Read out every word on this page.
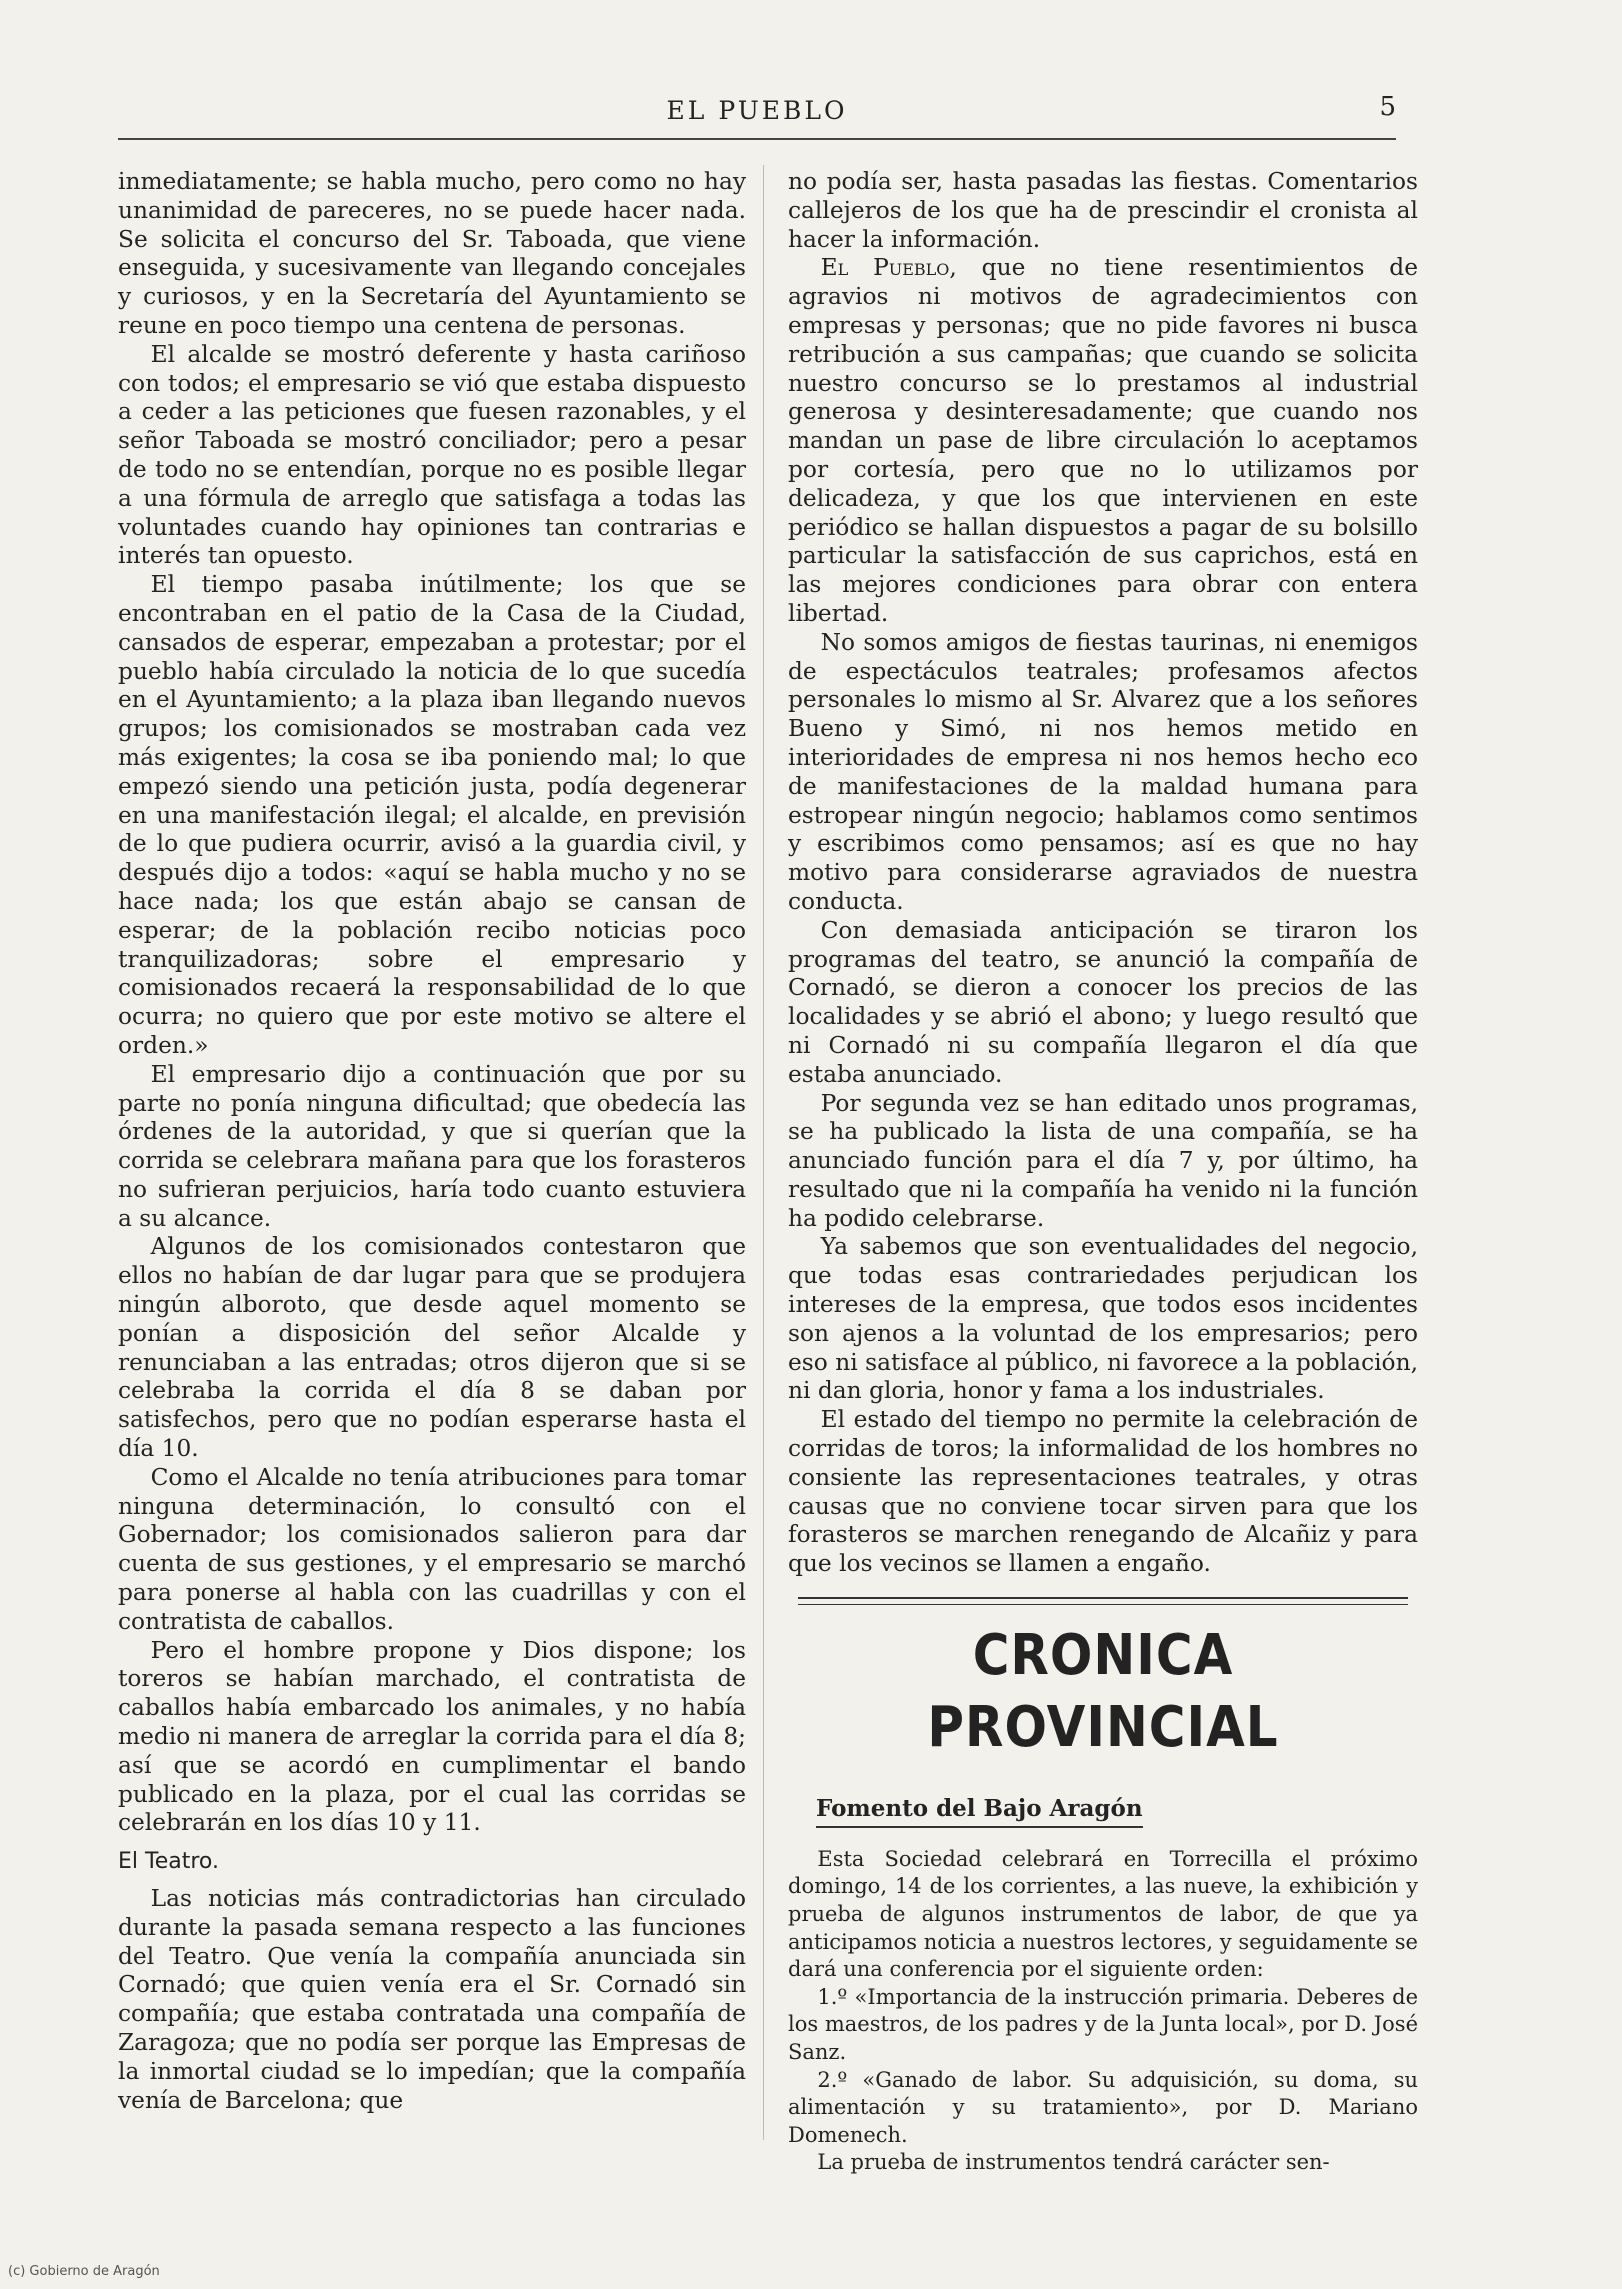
EL PUEBLO	5

inmediatamente; se habla mucho, pero como no hay unanimidad de pareceres, no se puede hacer nada. Se solicita el concurso del Sr. Taboada, que viene enseguida, y sucesivamente van llegando concejales y curiosos, y en la Secretaría del Ayuntamiento se reune en poco tiempo una centena de personas.

El alcalde se mostró deferente y hasta cariñoso con todos; el empresario se vió que estaba dispuesto a ceder a las peticiones que fuesen razonables, y el señor Taboada se mostró conciliador; pero a pesar de todo no se entendían, porque no es posible llegar a una fórmula de arreglo que satisfaga a todas las voluntades cuando hay opiniones tan contrarias e interés tan opuesto.

El tiempo pasaba inútilmente; los que se encontraban en el patio de la Casa de la Ciudad, cansados de esperar, empezaban a protestar; por el pueblo había circulado la noticia de lo que sucedía en el Ayuntamiento; a la plaza iban llegando nuevos grupos; los comisionados se mostraban cada vez más exigentes; la cosa se iba poniendo mal; lo que empezó siendo una petición justa, podía degenerar en una manifestación ilegal; el alcalde, en previsión de lo que pudiera ocurrir, avisó a la guardia civil, y después dijo a todos: «aquí se habla mucho y no se hace nada; los que están abajo se cansan de esperar; de la población recibo noticias poco tranquilizadoras; sobre el empresario y comisionados recaerá la responsabilidad de lo que ocurra; no quiero que por este motivo se altere el orden.»

El empresario dijo a continuación que por su parte no ponía ninguna dificultad; que obedecía las órdenes de la autoridad, y que si querían que la corrida se celebrara mañana para que los forasteros no sufrieran perjuicios, haría todo cuanto estuviera a su alcance.

Algunos de los comisionados contestaron que ellos no habían de dar lugar para que se produjera ningún alboroto, que desde aquel momento se ponían a disposición del señor Alcalde y renunciaban a las entradas; otros dijeron que si se celebraba la corrida el día 8 se daban por satisfechos, pero que no podían esperarse hasta el día 10.

Como el Alcalde no tenía atribuciones para tomar ninguna determinación, lo consultó con el Gobernador; los comisionados salieron para dar cuenta de sus gestiones, y el empresario se marchó para ponerse al habla con las cuadrillas y con el contratista de caballos.

Pero el hombre propone y Dios dispone; los toreros se habían marchado, el contratista de caballos había embarcado los animales, y no había medio ni manera de arreglar la corrida para el día 8; así que se acordó en cumplimentar el bando publicado en la plaza, por el cual las corridas se celebrarán en los días 10 y 11.

El Teatro.

Las noticias más contradictorias han circulado durante la pasada semana respecto a las funciones del Teatro. Que venía la compañía anunciada sin Cornadó; que quien venía era el Sr. Cornadó sin compañía; que estaba contratada una compañía de Zaragoza; que no podía ser porque las Empresas de la inmortal ciudad se lo impedían; que la compañía venía de Barcelona; que

no podía ser, hasta pasadas las fiestas. Comentarios callejeros de los que ha de prescindir el cronista al hacer la información.

El Pueblo, que no tiene resentimientos de agravios ni motivos de agradecimientos con empresas y personas; que no pide favores ni busca retribución a sus campañas; que cuando se solicita nuestro concurso se lo prestamos al industrial generosa y desinteresadamente; que cuando nos mandan un pase de libre circulación lo aceptamos por cortesía, pero que no lo utilizamos por delicadeza, y que los que intervienen en este periódico se hallan dispuestos a pagar de su bolsillo particular la satisfacción de sus caprichos, está en las mejores condiciones para obrar con entera libertad.

No somos amigos de fiestas taurinas, ni enemigos de espectáculos teatrales; profesamos afectos personales lo mismo al Sr. Alvarez que a los señores Bueno y Simó, ni nos hemos metido en interioridades de empresa ni nos hemos hecho eco de manifestaciones de la maldad humana para estropear ningún negocio; hablamos como sentimos y escribimos como pensamos; así es que no hay motivo para considerarse agraviados de nuestra conducta.

Con demasiada anticipación se tiraron los programas del teatro, se anunció la compañía de Cornadó, se dieron a conocer los precios de las localidades y se abrió el abono; y luego resultó que ni Cornadó ni su compañía llegaron el día que estaba anunciado.

Por segunda vez se han editado unos programas, se ha publicado la lista de una compañía, se ha anunciado función para el día 7 y, por último, ha resultado que ni la compañía ha venido ni la función ha podido celebrarse.

Ya sabemos que son eventualidades del negocio, que todas esas contrariedades perjudican los intereses de la empresa, que todos esos incidentes son ajenos a la voluntad de los empresarios; pero eso ni satisface al público, ni favorece a la población, ni dan gloria, honor y fama a los industriales.

El estado del tiempo no permite la celebración de corridas de toros; la informalidad de los hombres no consiente las representaciones teatrales, y otras causas que no conviene tocar sirven para que los forasteros se marchen renegando de Alcañiz y para que los vecinos se llamen a engaño.

CRONICA PROVINCIAL
Fomento del Bajo Aragón

Esta Sociedad celebrará en Torrecilla el próximo domingo, 14 de los corrientes, a las nueve, la exhibición y prueba de algunos instrumentos de labor, de que ya anticipamos noticia a nuestros lectores, y seguidamente se dará una conferencia por el siguiente orden:

1.º «Importancia de la instrucción primaria. Deberes de los maestros, de los padres y de la Junta local», por D. José Sanz.

2.º «Ganado de labor. Su adquisición, su doma, su alimentación y su tratamiento», por D. Mariano Domenech.

La prueba de instrumentos tendrá carácter sen-

(c) Gobierno de Aragón
